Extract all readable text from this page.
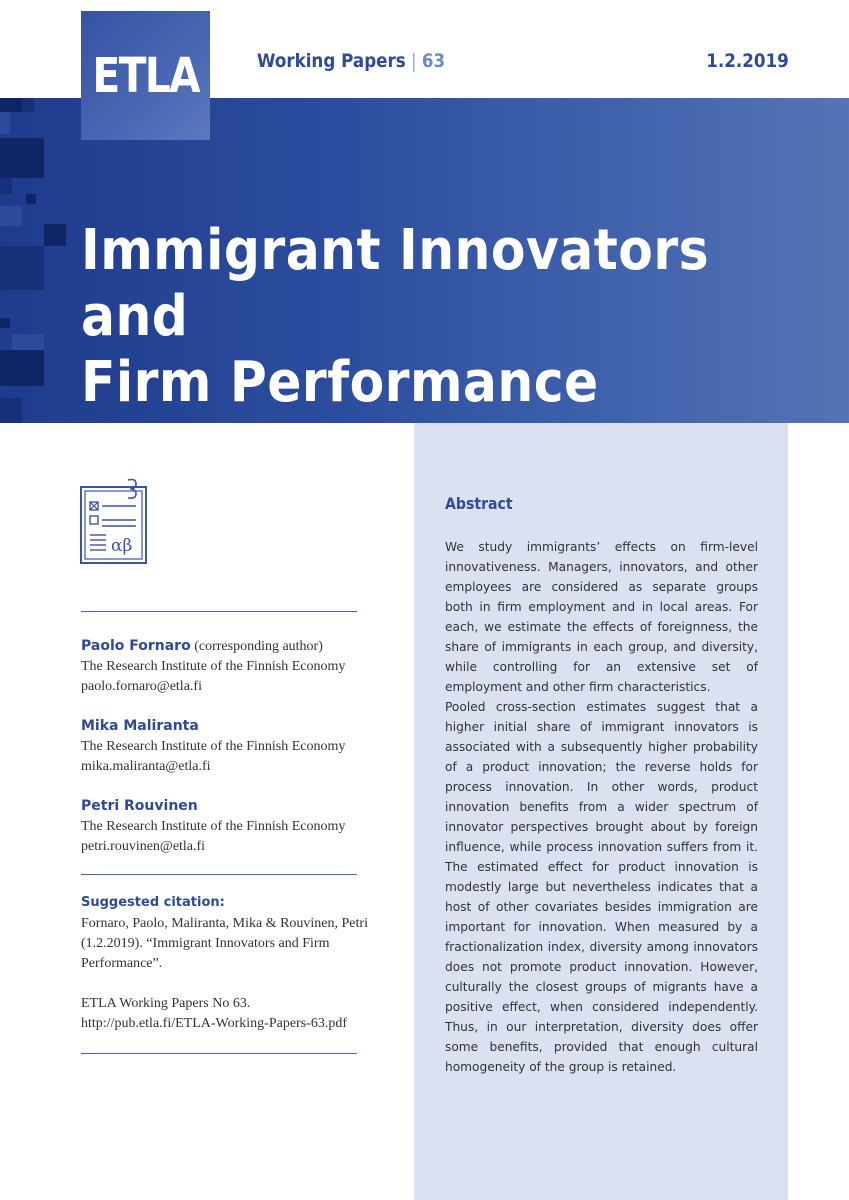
ETLA	Working Papers | 63	1.2.2019
Immigrant Innovators and
Firm Performance
αβ
Paolo Fornaro (corresponding author)
The Research Institute of the Finnish Economy
paolo.fornaro@etla.fi
Mika Maliranta
The Research Institute of the Finnish Economy
mika.maliranta@etla.fi
Petri Rouvinen
The Research Institute of the Finnish Economy
petri.rouvinen@etla.fi
Suggested citation:
Fornaro, Paolo, Maliranta, Mika & Rouvinen, Petri (1.2.2019). “Immigrant Innovators and Firm Performance”.
ETLA Working Papers No 63.
http://pub.etla.fi/ETLA-Working-Papers-63.pdf
Abstract

We study immigrants’ effects on firm-level innovativeness. Managers, innovators, and other employees are considered as separate groups both in firm employment and in local areas. For each, we estimate the effects of foreignness, the share of immigrants in each group, and diversity, while controlling for an extensive set of employment and other firm characteristics.

Pooled cross-section estimates suggest that a higher initial share of immigrant innovators is associated with a subsequently higher probability of a product innovation; the reverse holds for process innovation. In other words, product innovation benefits from a wider spectrum of innovator perspectives brought about by foreign influence, while process innovation suffers from it. The estimated effect for product innovation is modestly large but nevertheless indicates that a host of other covariates besides immigration are important for innovation. When measured by a fractionalization index, diversity among innovators does not promote product innovation. However, culturally the closest groups of migrants have a positive effect, when considered independently. Thus, in our interpretation, diversity does offer some benefits, provided that enough cultural homogeneity of the group is retained.
